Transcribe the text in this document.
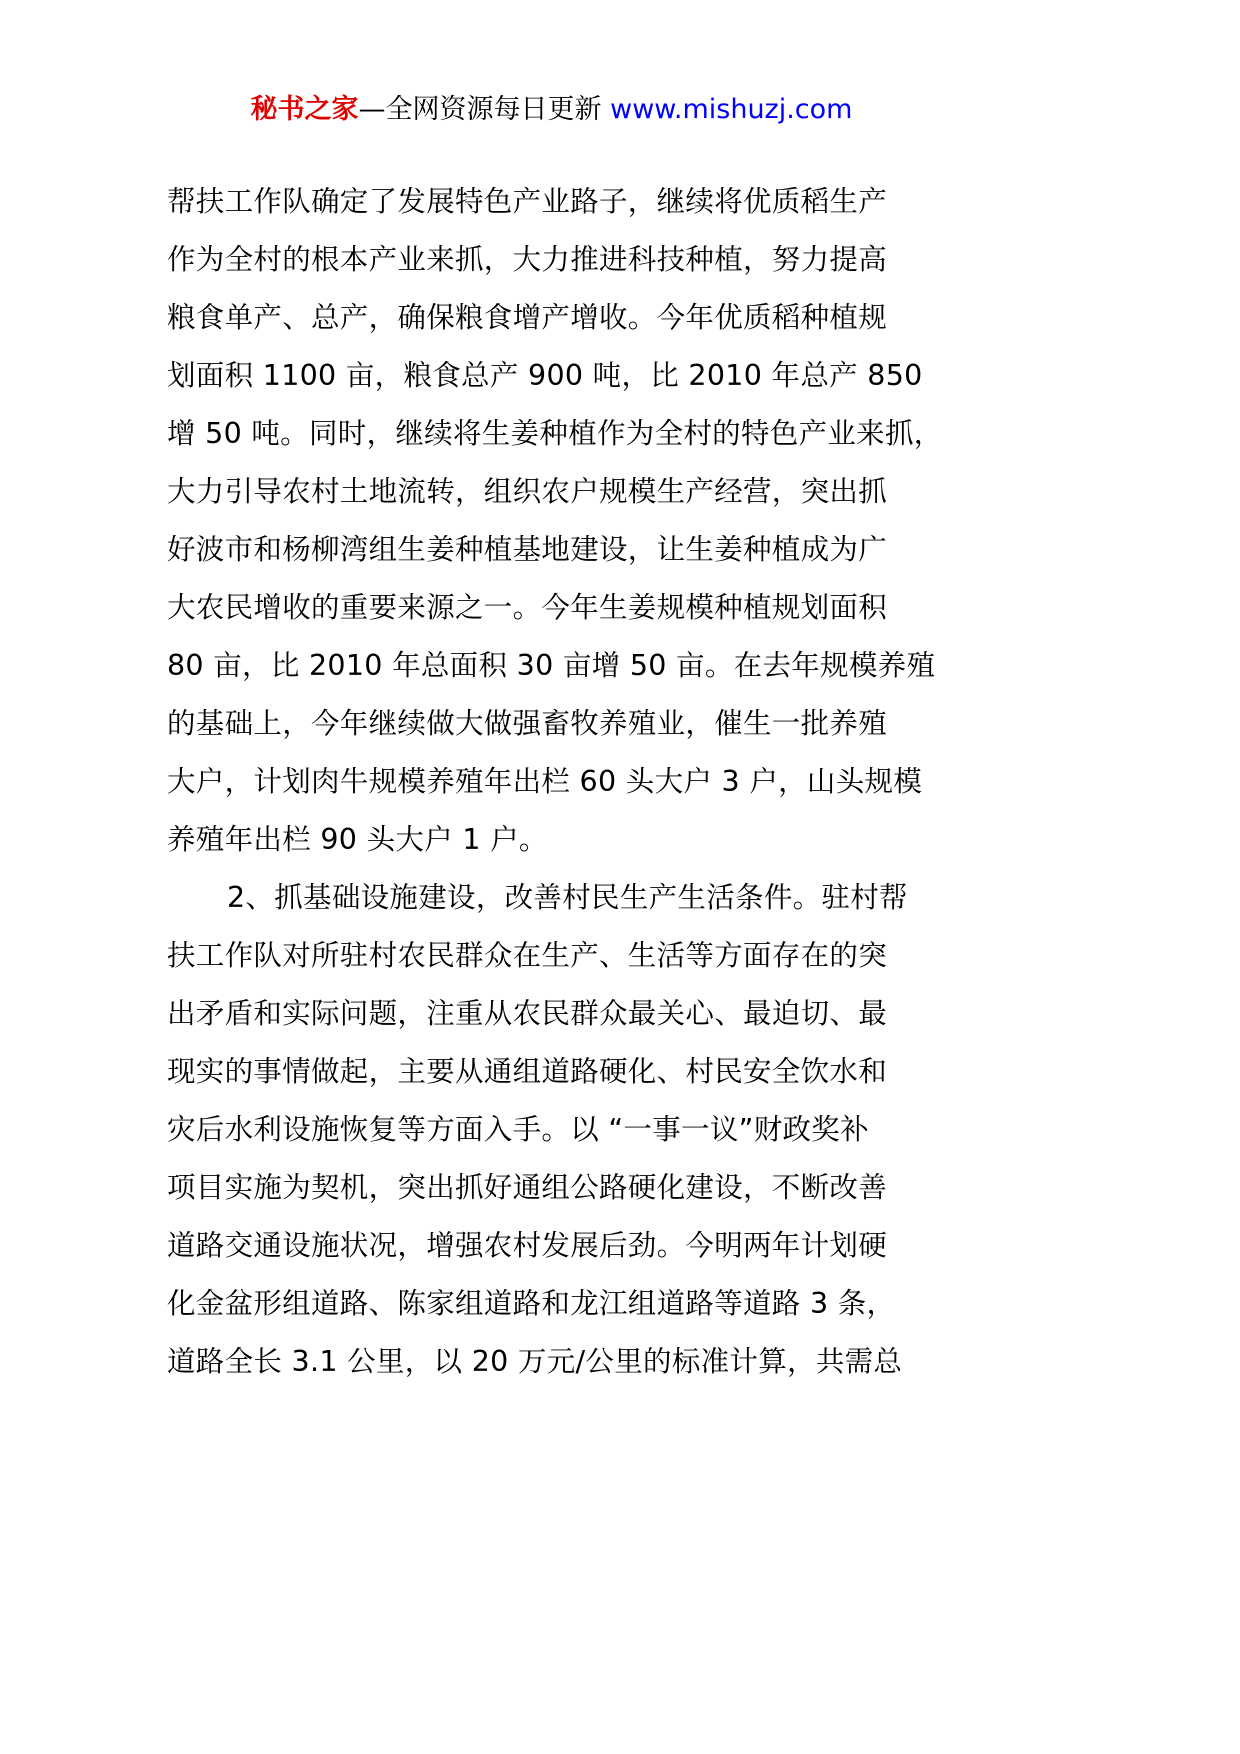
秘书之家—全网资源每日更新 www.mishuzj.com
帮扶工作队确定了发展特色产业路子，继续将优质稻生产
作为全村的根本产业来抓，大力推进科技种植，努力提高
粮食单产、总产，确保粮食增产增收。今年优质稻种植规
划面积 1100 亩，粮食总产 900 吨，比 2010 年总产 850
增 50 吨。同时，继续将生姜种植作为全村的特色产业来抓，
大力引导农村土地流转，组织农户规模生产经营，突出抓
好波市和杨柳湾组生姜种植基地建设，让生姜种植成为广
大农民增收的重要来源之一。今年生姜规模种植规划面积
80 亩，比 2010 年总面积 30 亩增 50 亩。在去年规模养殖
的基础上，今年继续做大做强畜牧养殖业，催生一批养殖
大户，计划肉牛规模养殖年出栏 60 头大户 3 户，山头规模
养殖年出栏 90 头大户 1 户。
2、抓基础设施建设，改善村民生产生活条件。驻村帮
扶工作队对所驻村农民群众在生产、生活等方面存在的突
出矛盾和实际问题，注重从农民群众最关心、最迫切、最
现实的事情做起，主要从通组道路硬化、村民安全饮水和
灾后水利设施恢复等方面入手。以 “一事一议”财政奖补
项目实施为契机，突出抓好通组公路硬化建设，不断改善
道路交通设施状况，增强农村发展后劲。今明两年计划硬
化金盆形组道路、陈家组道路和龙江组道路等道路 3 条，
道路全长 3.1 公里，以 20 万元/公里的标准计算，共需总
